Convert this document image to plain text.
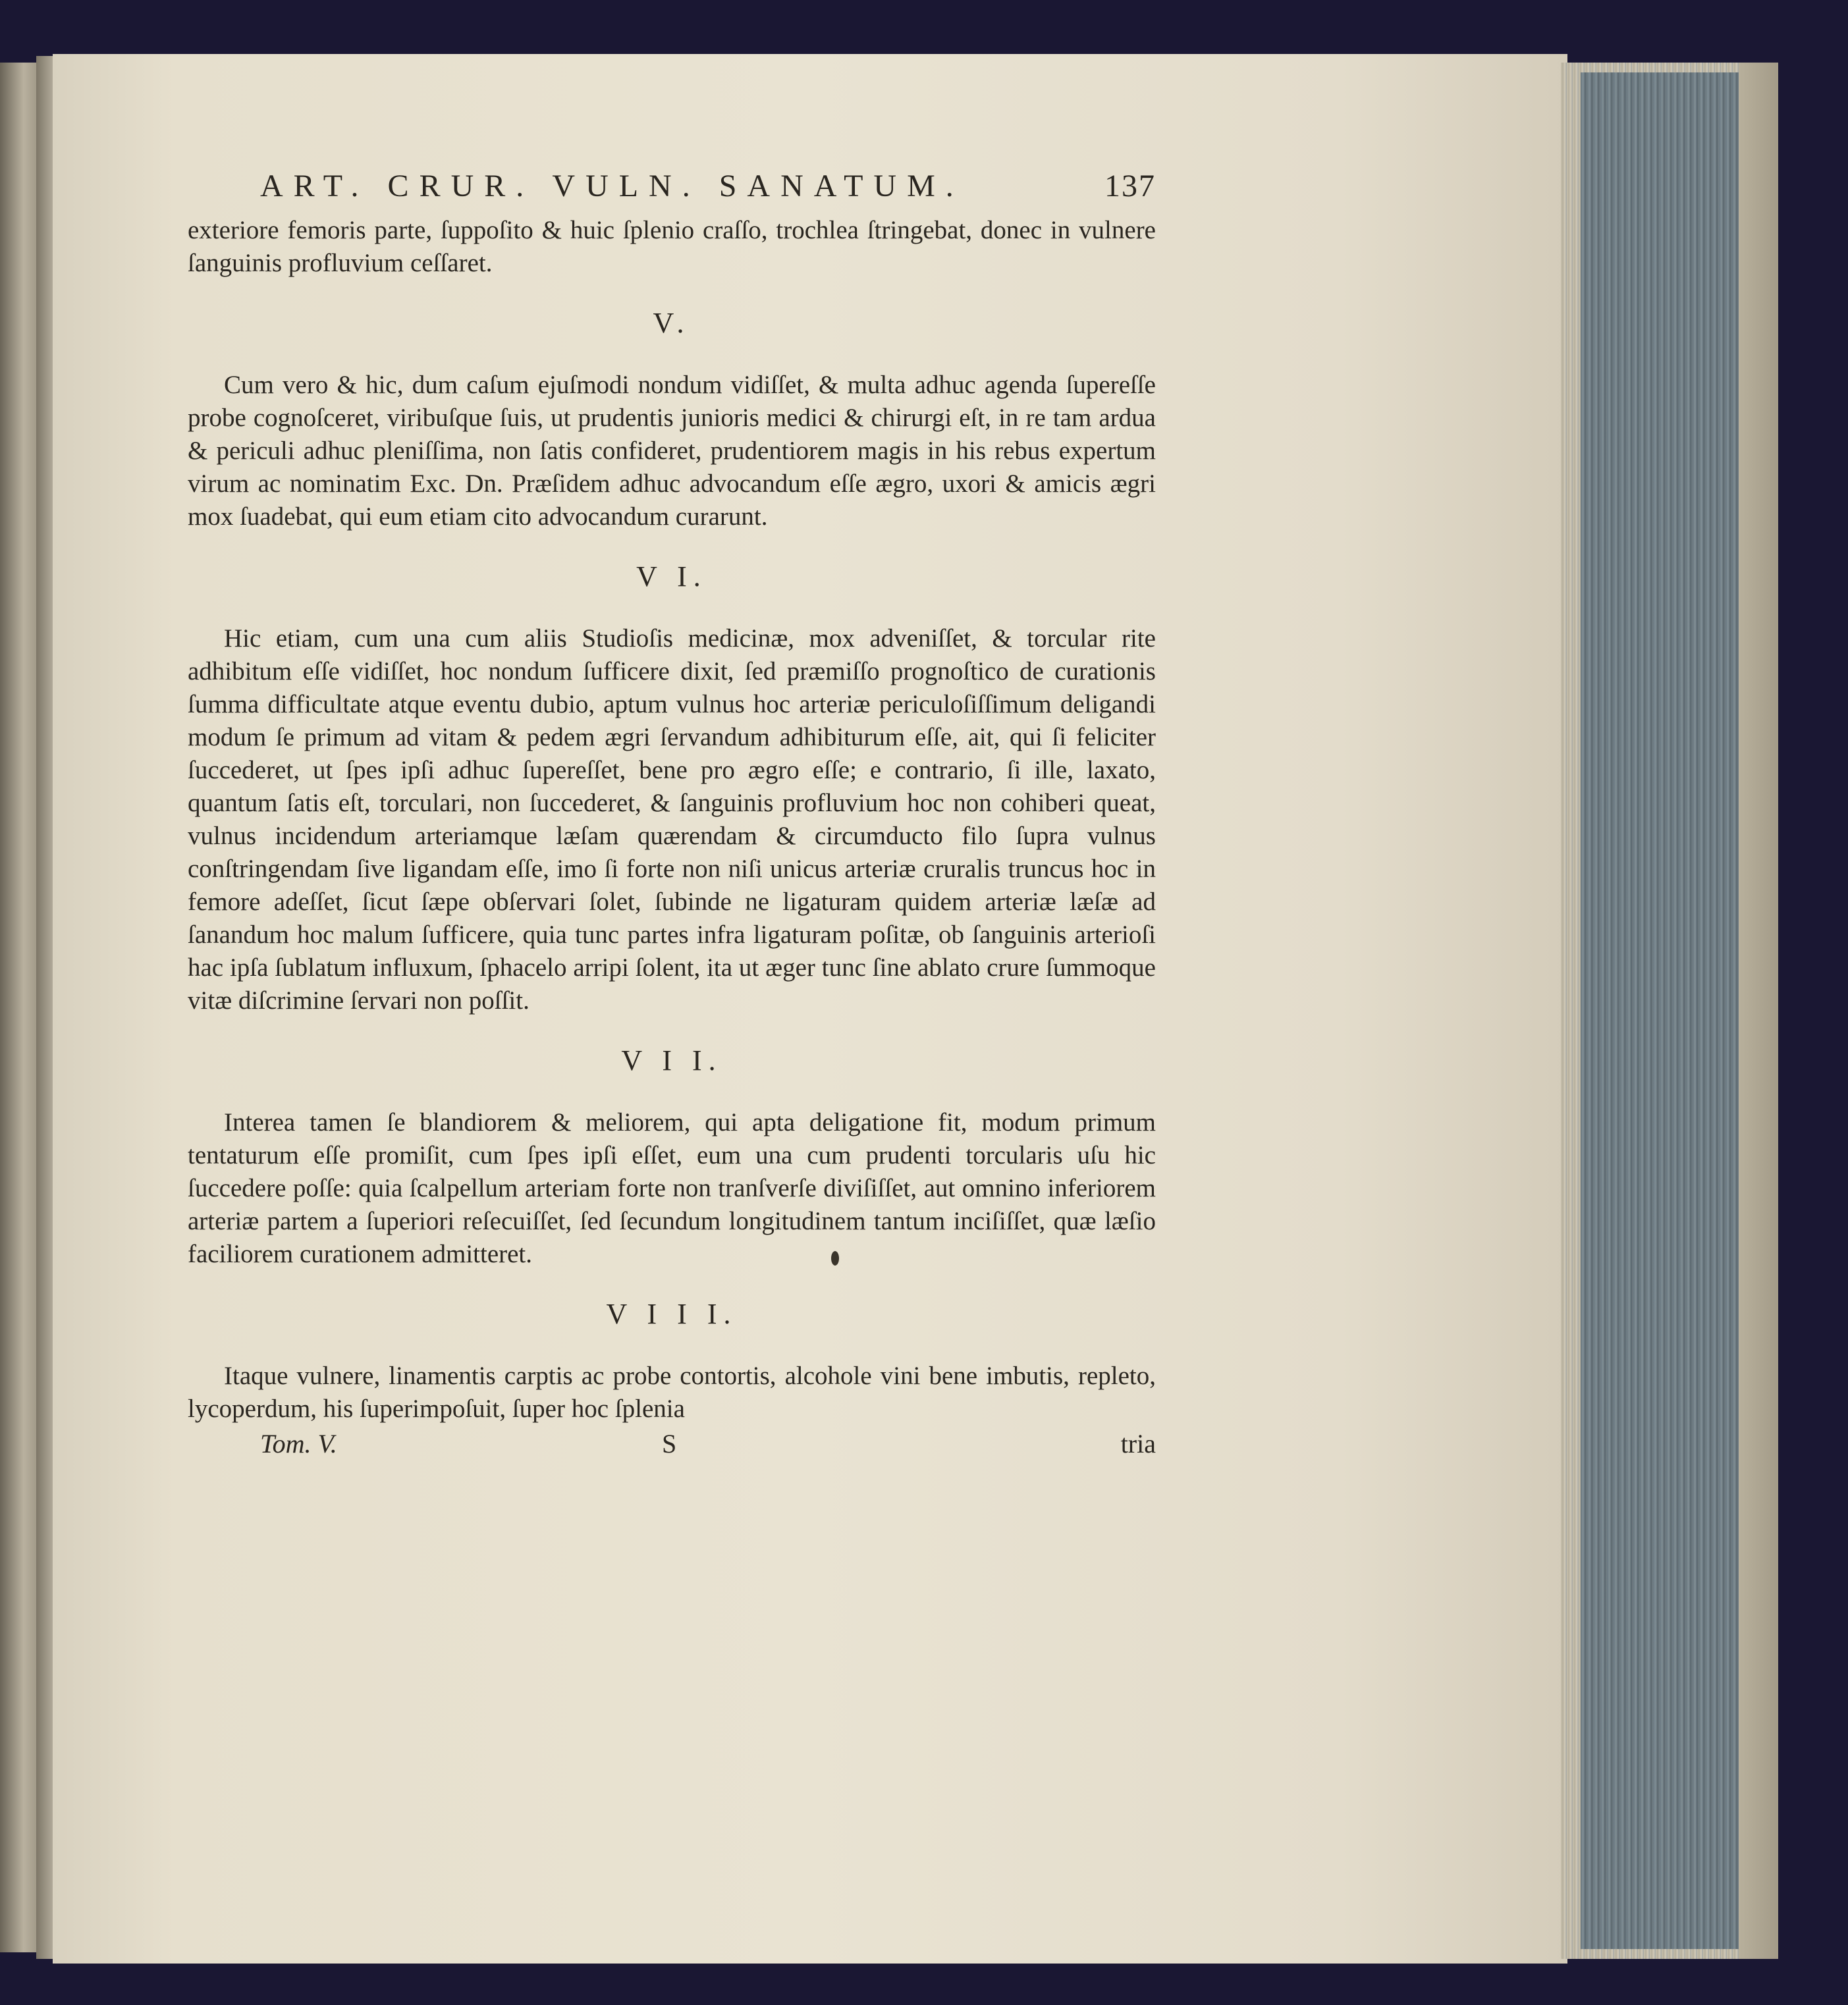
ART. CRUR. VULN. SANATUM.	137

exteriore femoris parte, ſuppoſito & huic ſplenio craſſo, trochlea ſtringebat, donec in vulnere ſanguinis profluvium ceſſaret.

V.

Cum vero & hic, dum caſum ejuſmodi nondum vidiſſet, & multa adhuc agenda ſupereſſe probe cognoſceret, viribuſque ſuis, ut prudentis junioris medici & chirurgi eſt, in re tam ardua & periculi adhuc pleniſſima, non ſatis confideret, prudentiorem magis in his rebus expertum virum ac nominatim Exc. Dn. Præſidem adhuc advocandum eſſe ægro, uxori & amicis ægri mox ſuadebat, qui eum etiam cito advocandum curarunt.

V I.

Hic etiam, cum una cum aliis Studioſis medicinæ, mox adveniſſet, & torcular rite adhibitum eſſe vidiſſet, hoc nondum ſufficere dixit, ſed præmiſſo prognoſtico de curationis ſumma difficultate atque eventu dubio, aptum vulnus hoc arteriæ periculoſiſſimum deligandi modum ſe primum ad vitam & pedem ægri ſervandum adhibiturum eſſe, ait, qui ſi feliciter ſuccederet, ut ſpes ipſi adhuc ſupereſſet, bene pro ægro eſſe; e contrario, ſi ille, laxato, quantum ſatis eſt, torculari, non ſuccederet, & ſanguinis profluvium hoc non cohiberi queat, vulnus incidendum arteriamque læſam quærendam & circumducto filo ſupra vulnus conſtringendam ſive ligandam eſſe, imo ſi forte non niſi unicus arteriæ cruralis truncus hoc in femore adeſſet, ſicut ſæpe obſervari ſolet, ſubinde ne ligaturam quidem arteriæ læſæ ad ſanandum hoc malum ſufficere, quia tunc partes infra ligaturam poſitæ, ob ſanguinis arterioſi hac ipſa ſublatum influxum, ſphacelo arripi ſolent, ita ut æger tunc ſine ablato crure ſummoque vitæ diſcrimine ſervari non poſſit.

V I I.

Interea tamen ſe blandiorem & meliorem, qui apta deligatione fit, modum primum tentaturum eſſe promiſit, cum ſpes ipſi eſſet, eum una cum prudenti torcularis uſu hic ſuccedere poſſe: quia ſcalpellum arteriam forte non tranſverſe diviſiſſet, aut omnino inferiorem arteriæ partem a ſuperiori reſecuiſſet, ſed ſecundum longitudinem tantum inciſiſſet, quæ læſio faciliorem curationem admitteret.

V I I I.

Itaque vulnere, linamentis carptis ac probe contortis, alcohole vini bene imbutis, repleto, lycoperdum, his ſuperimpoſuit, ſuper hoc ſplenia

Tom. V.	S	tria
